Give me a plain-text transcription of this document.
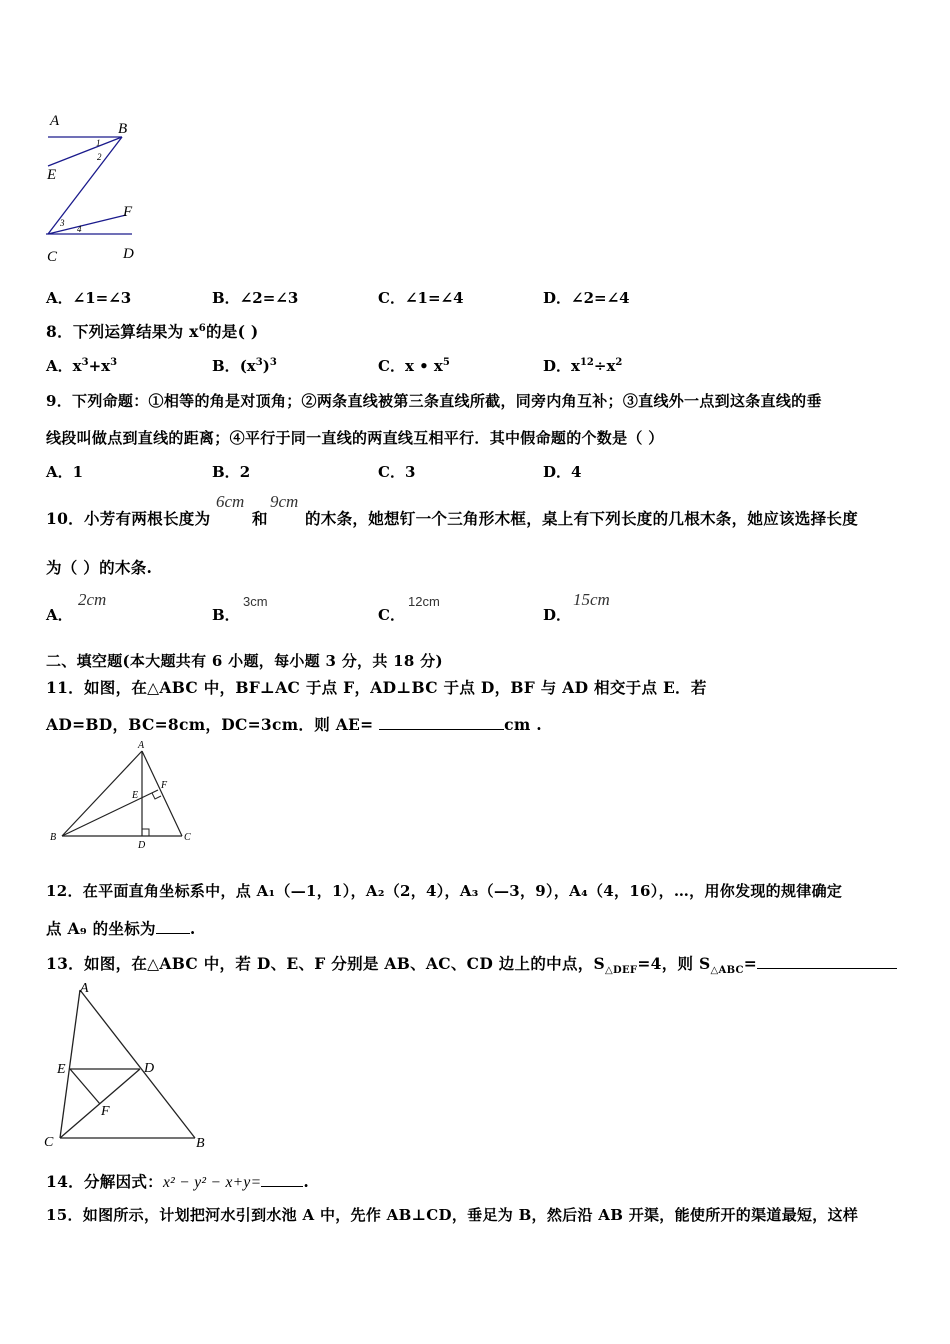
A	B
E
F
C	D
1
2
3
4
A．∠1=∠3	B．∠2=∠3	C．∠1=∠4	D．∠2=∠4
8．下列运算结果为 $x^6$的是( )
A．$x^3+x^3$	B．$(x^3)^3$	C．x • $x^5$	D．$x^{12}\div x^2$
9．下列命题：①相等的角是对顶角；②两条直线被第三条直线所截，同旁内角互补；③直线外一点到这条直线的垂
线段叫做点到直线的距离；④平行于同一直线的两直线互相平行．其中假命题的个数是（ ）
A．1	B．2	C．3	D．4
10．小芳有两根长度为
6cm
和
9cm
的木条，她想钉一个三角形木框，桌上有下列长度的几根木条，她应该选择长度
为（ ）的木条.
A．
2cm
B．
3cm
C．
12cm
D．
15cm
二、填空题(本大题共有 6 小题，每小题 3 分，共 18 分)
11．如图，在△ABC 中，BF⊥AC 于点 F，AD⊥BC 于点 D，BF 与 AD 相交于点 E．若
AD=BD，BC=8cm，DC=3cm．则 AE=	cm .
A
B	C
D
E
F
12．在平面直角坐标系中，点 A₁（—1，1），A₂（2，4），A₃（—3，9），A₄（4，16），…，用你发现的规律确定
点 A₉ 的坐标为 .
13．如图，在△ABC 中，若 D、E、F 分别是 AB、AC、CD 边上的中点，$S_{\triangle DEF}=4$，则 $S_{\triangle ABC}=$
A
E	D
F
C	B
14．分解因式：x² − y² − x+y=	.
15．如图所示，计划把河水引到水池 A 中，先作 AB⊥CD，垂足为 B，然后沿 AB 开渠，能使所开的渠道最短，这样
